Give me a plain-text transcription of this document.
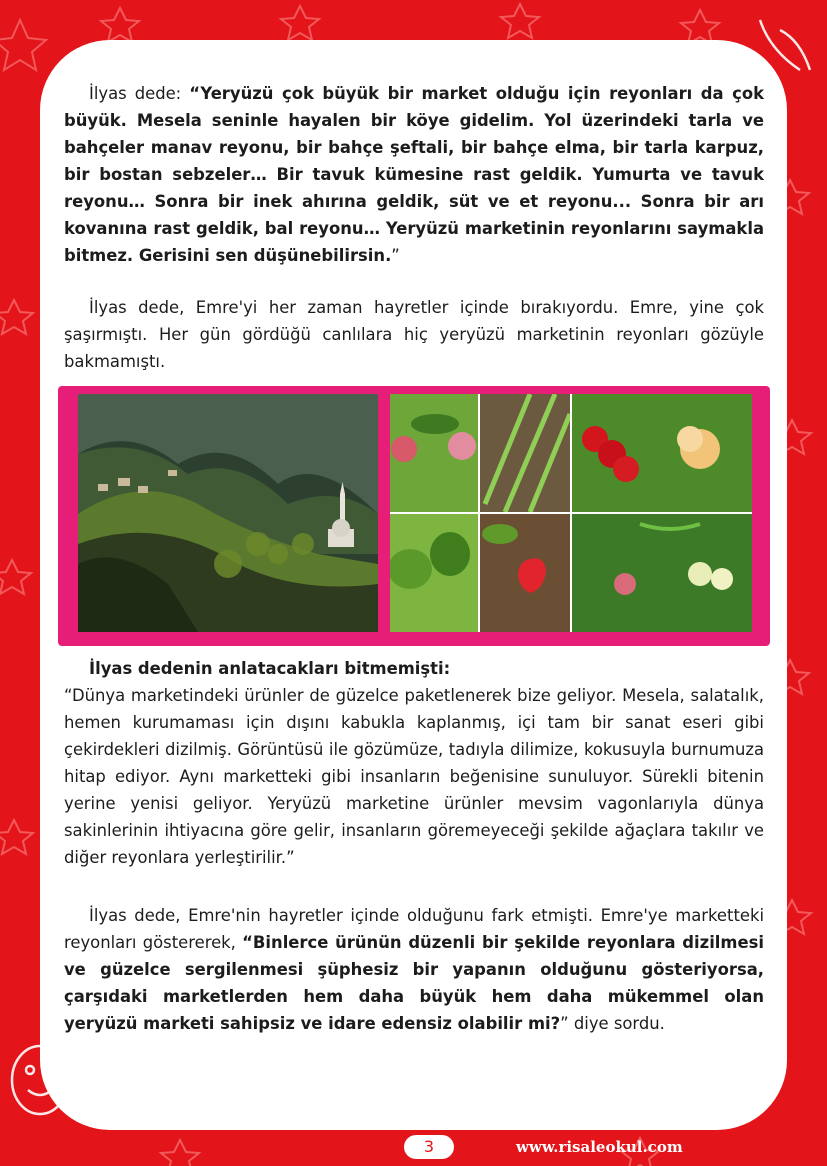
İlyas dede: “Yeryüzü çok büyük bir market olduğu için reyonları da çok büyük. Mesela seninle hayalen bir köye gidelim. Yol üzerindeki tarla ve bahçeler manav reyonu, bir bahçe şeftali, bir bahçe elma, bir tarla karpuz, bir bostan sebzeler… Bir tavuk kümesine rast geldik. Yumurta ve tavuk reyonu… Sonra bir inek ahırına geldik, süt ve et reyonu... Sonra bir arı kovanına rast geldik, bal reyonu… Yeryüzü marketinin reyonlarını saymakla bitmez. Gerisini sen düşünebilirsin.”

İlyas dede, Emre'yi her zaman hayretler içinde bırakıyordu. Emre, yine çok şaşırmıştı. Her gün gördüğü canlılara hiç yeryüzü marketinin reyonları gözüyle bakmamıştı.

İlyas dedenin anlatacakları bitmemişti:
“Dünya marketindeki ürünler de güzelce paketlenerek bize geliyor. Mesela, salatalık, hemen kurumaması için dışını kabukla kaplanmış, içi tam bir sanat eseri gibi çekirdekleri dizilmiş. Görüntüsü ile gözümüze, tadıyla dilimize, kokusuyla burnumuza hitap ediyor. Aynı marketteki gibi insanların beğenisine sunuluyor. Sürekli bitenin yerine yenisi geliyor. Yeryüzü marketine ürünler mevsim vagonlarıyla dünya sakinlerinin ihtiyacına göre gelir, insanların göremeyeceği şekilde ağaçlara takılır ve diğer reyonlara yerleştirilir.”

İlyas dede, Emre'nin hayretler içinde olduğunu fark etmişti. Emre'ye marketteki reyonları göstererek, “Binlerce ürünün düzenli bir şekilde reyonlara dizilmesi ve güzelce sergilenmesi şüphesiz bir yapanın olduğunu gösteriyorsa, çarşıdaki marketlerden hem daha büyük hem daha mükemmel olan yeryüzü marketi sahipsiz ve idare edensiz olabilir mi?” diye sordu.

3	www.risaleokul.com
